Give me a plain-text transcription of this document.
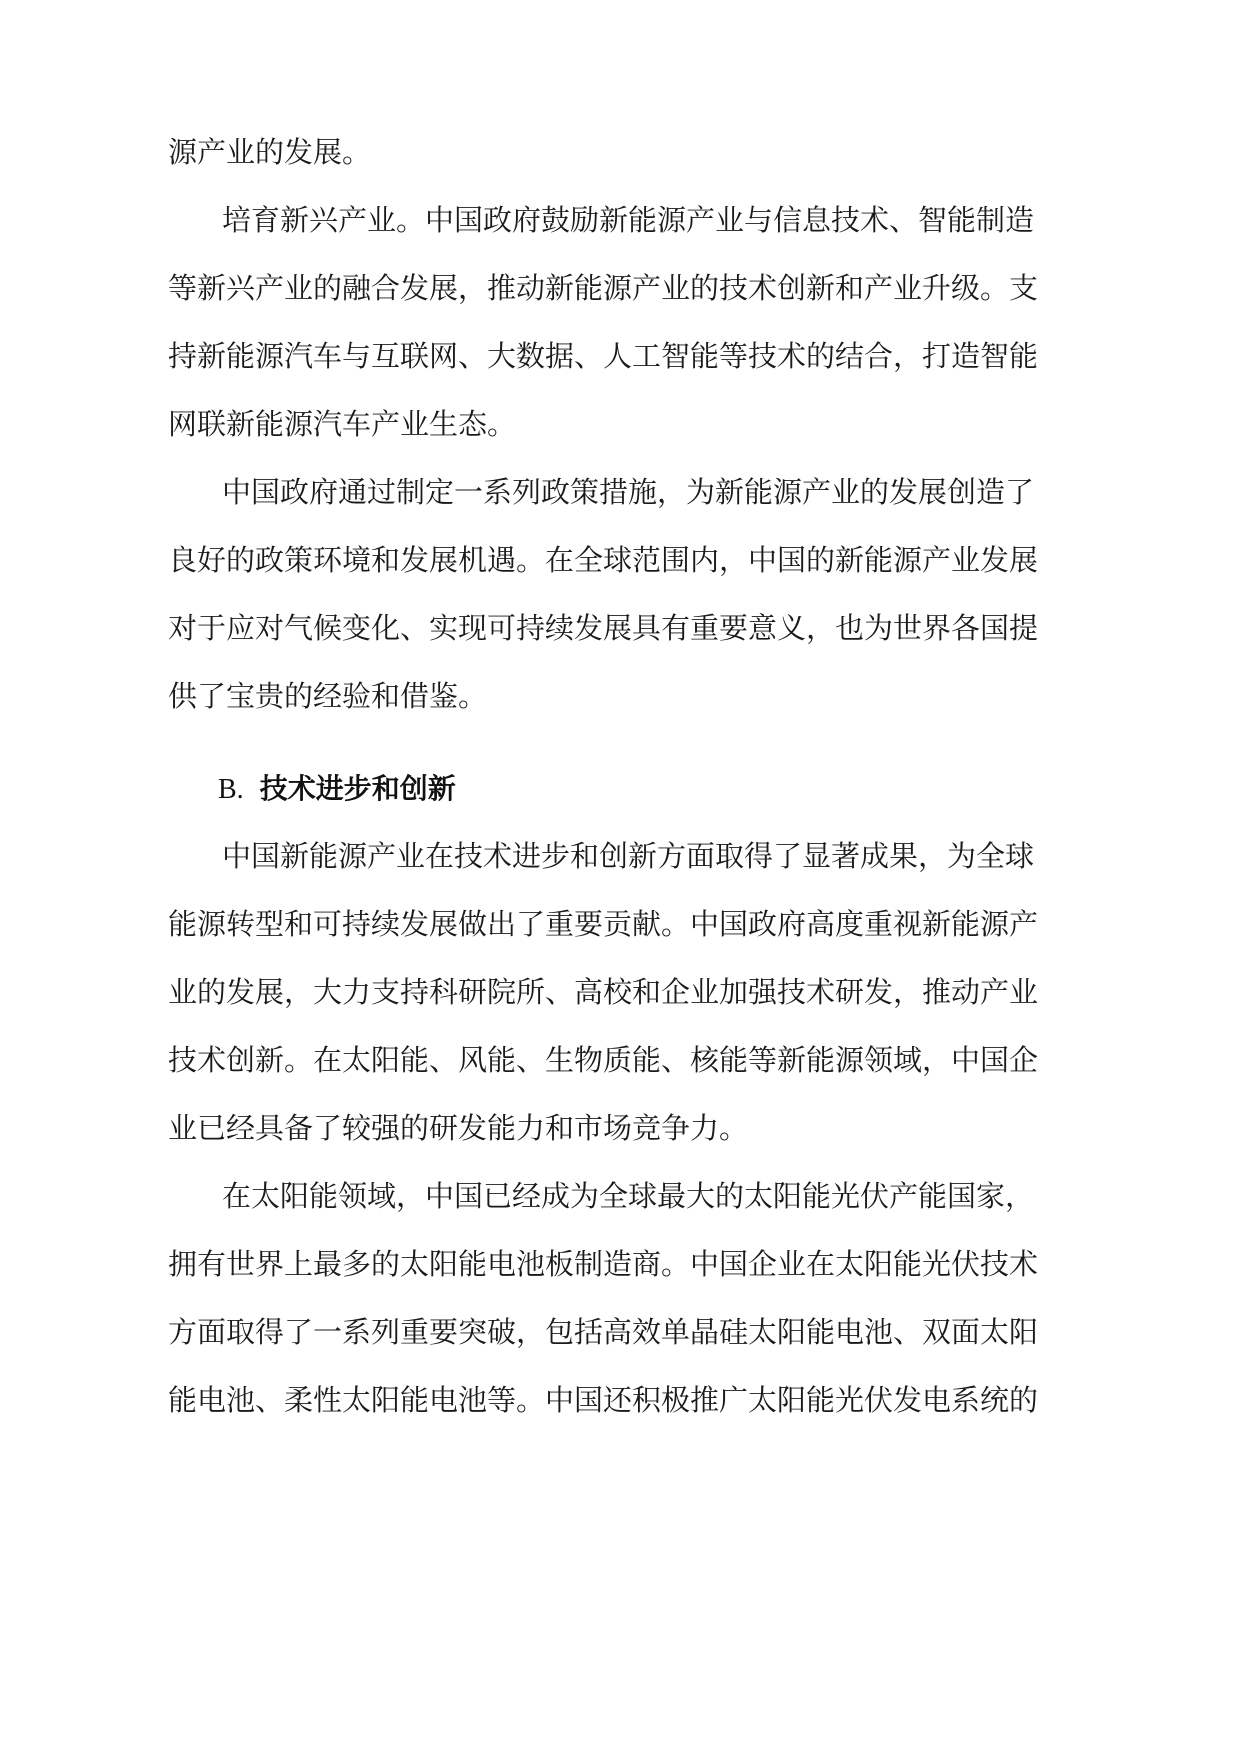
源产业的发展。
培育新兴产业。中国政府鼓励新能源产业与信息技术、智能制造
等新兴产业的融合发展，推动新能源产业的技术创新和产业升级。支
持新能源汽车与互联网、大数据、人工智能等技术的结合，打造智能
网联新能源汽车产业生态。
中国政府通过制定一系列政策措施，为新能源产业的发展创造了
良好的政策环境和发展机遇。在全球范围内，中国的新能源产业发展
对于应对气候变化、实现可持续发展具有重要意义，也为世界各国提
供了宝贵的经验和借鉴。
B. 技术进步和创新
中国新能源产业在技术进步和创新方面取得了显著成果，为全球
能源转型和可持续发展做出了重要贡献。中国政府高度重视新能源产
业的发展，大力支持科研院所、高校和企业加强技术研发，推动产业
技术创新。在太阳能、风能、生物质能、核能等新能源领域，中国企
业已经具备了较强的研发能力和市场竞争力。
在太阳能领域，中国已经成为全球最大的太阳能光伏产能国家，
拥有世界上最多的太阳能电池板制造商。中国企业在太阳能光伏技术
方面取得了一系列重要突破，包括高效单晶硅太阳能电池、双面太阳
能电池、柔性太阳能电池等。中国还积极推广太阳能光伏发电系统的
